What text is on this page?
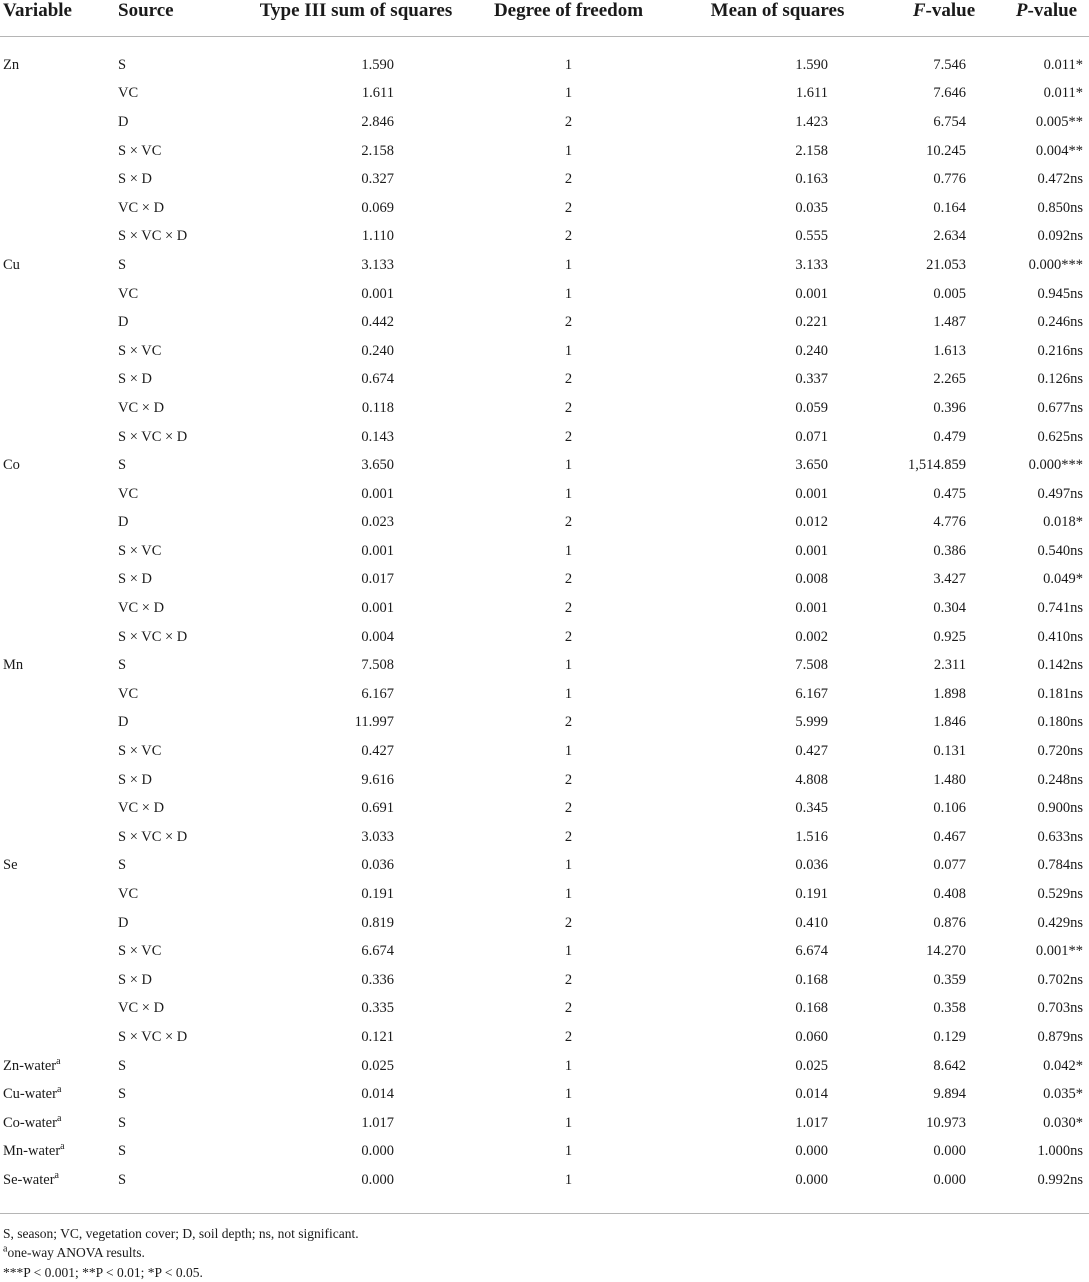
Variable	Source	Type III sum of squares	Degree of freedom	Mean of squares	F-value	P-value
Zn	S	1.590	1	1.590	7.546	0.011*
	VC	1.611	1	1.611	7.646	0.011*
	D	2.846	2	1.423	6.754	0.005**
	S × VC	2.158	1	2.158	10.245	0.004**
	S × D	0.327	2	0.163	0.776	0.472ns
	VC × D	0.069	2	0.035	0.164	0.850ns
	S × VC × D	1.110	2	0.555	2.634	0.092ns
Cu	S	3.133	1	3.133	21.053	0.000***
	VC	0.001	1	0.001	0.005	0.945ns
	D	0.442	2	0.221	1.487	0.246ns
	S × VC	0.240	1	0.240	1.613	0.216ns
	S × D	0.674	2	0.337	2.265	0.126ns
	VC × D	0.118	2	0.059	0.396	0.677ns
	S × VC × D	0.143	2	0.071	0.479	0.625ns
Co	S	3.650	1	3.650	1,514.859	0.000***
	VC	0.001	1	0.001	0.475	0.497ns
	D	0.023	2	0.012	4.776	0.018*
	S × VC	0.001	1	0.001	0.386	0.540ns
	S × D	0.017	2	0.008	3.427	0.049*
	VC × D	0.001	2	0.001	0.304	0.741ns
	S × VC × D	0.004	2	0.002	0.925	0.410ns
Mn	S	7.508	1	7.508	2.311	0.142ns
	VC	6.167	1	6.167	1.898	0.181ns
	D	11.997	2	5.999	1.846	0.180ns
	S × VC	0.427	1	0.427	0.131	0.720ns
	S × D	9.616	2	4.808	1.480	0.248ns
	VC × D	0.691	2	0.345	0.106	0.900ns
	S × VC × D	3.033	2	1.516	0.467	0.633ns
Se	S	0.036	1	0.036	0.077	0.784ns
	VC	0.191	1	0.191	0.408	0.529ns
	D	0.819	2	0.410	0.876	0.429ns
	S × VC	6.674	1	6.674	14.270	0.001**
	S × D	0.336	2	0.168	0.359	0.702ns
	VC × D	0.335	2	0.168	0.358	0.703ns
	S × VC × D	0.121	2	0.060	0.129	0.879ns
Zn-water$^a$	S	0.025	1	0.025	8.642	0.042*
Cu-water$^a$	S	0.014	1	0.014	9.894	0.035*
Co-water$^a$	S	1.017	1	1.017	10.973	0.030*
Mn-water$^a$	S	0.000	1	0.000	0.000	1.000ns
Se-water$^a$	S	0.000	1	0.000	0.000	0.992ns

S, season; VC, vegetation cover; D, soil depth; ns, not significant.

$^a$one-way ANOVA results.

***P < 0.001; **P < 0.01; *P < 0.05.
